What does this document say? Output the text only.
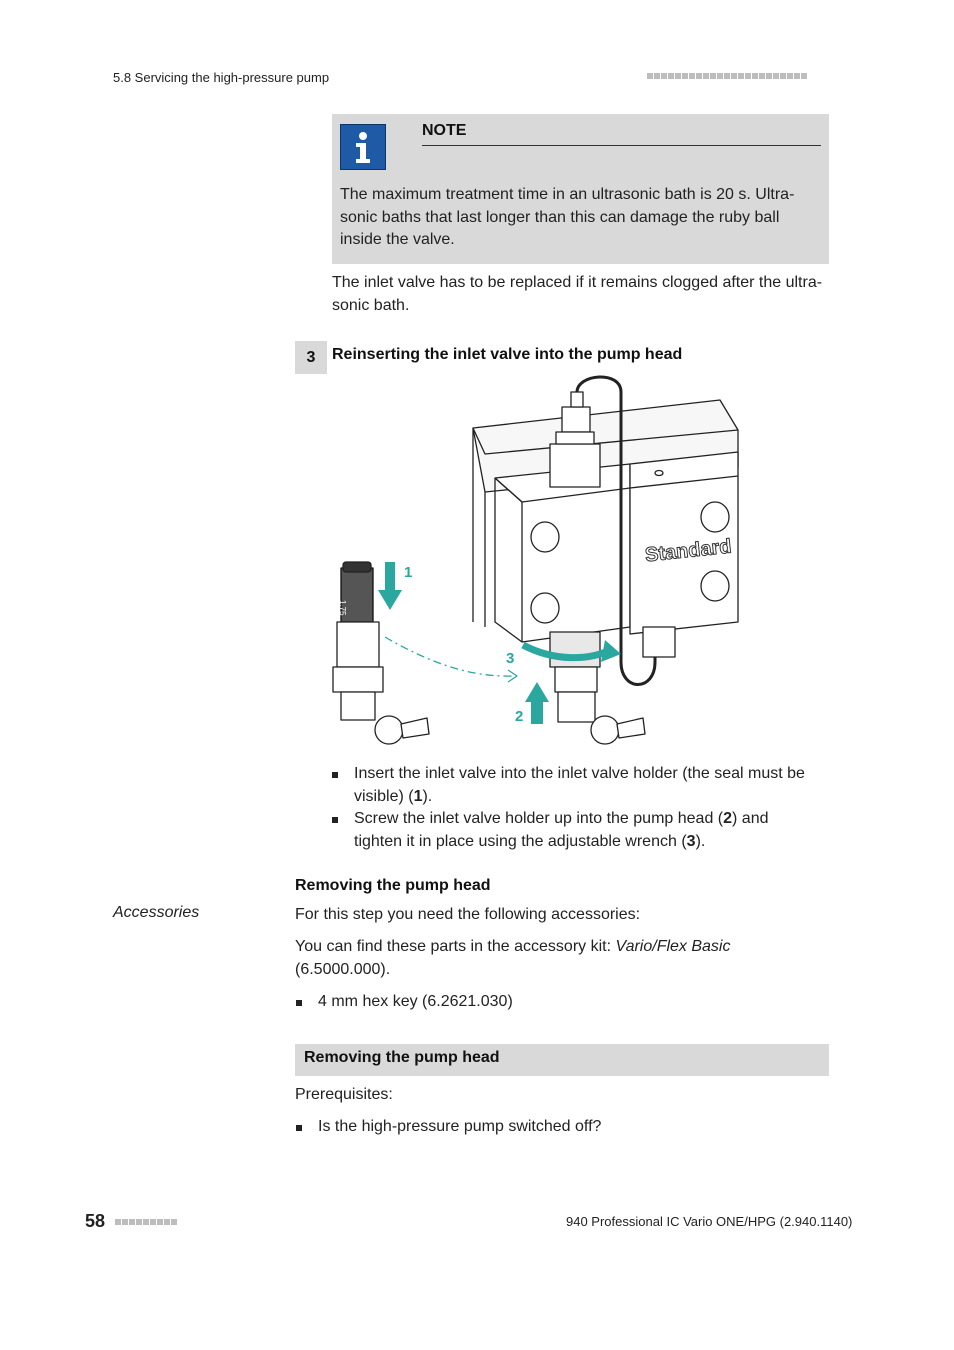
5.8 Servicing the high-pressure pump
NOTE
The maximum treatment time in an ultrasonic bath is 20 s. Ultra-sonic baths that last longer than this can damage the ruby ball inside the valve.
The inlet valve has to be replaced if it remains clogged after the ultra-
sonic bath.
3	Reinserting the inlet valve into the pump head
Standard
1
2
3
1.75
Insert the inlet valve into the inlet valve holder (the seal must be
visible) (1).
Screw the inlet valve holder up into the pump head (2) and
tighten it in place using the adjustable wrench (3).
Removing the pump head
Accessories	For this step you need the following accessories:
You can find these parts in the accessory kit: Vario/Flex Basic
(6.5000.000).
4 mm hex key (6.2621.030)
Removing the pump head
Prerequisites:
Is the high-pressure pump switched off?
58	940 Professional IC Vario ONE/HPG (2.940.1140)
